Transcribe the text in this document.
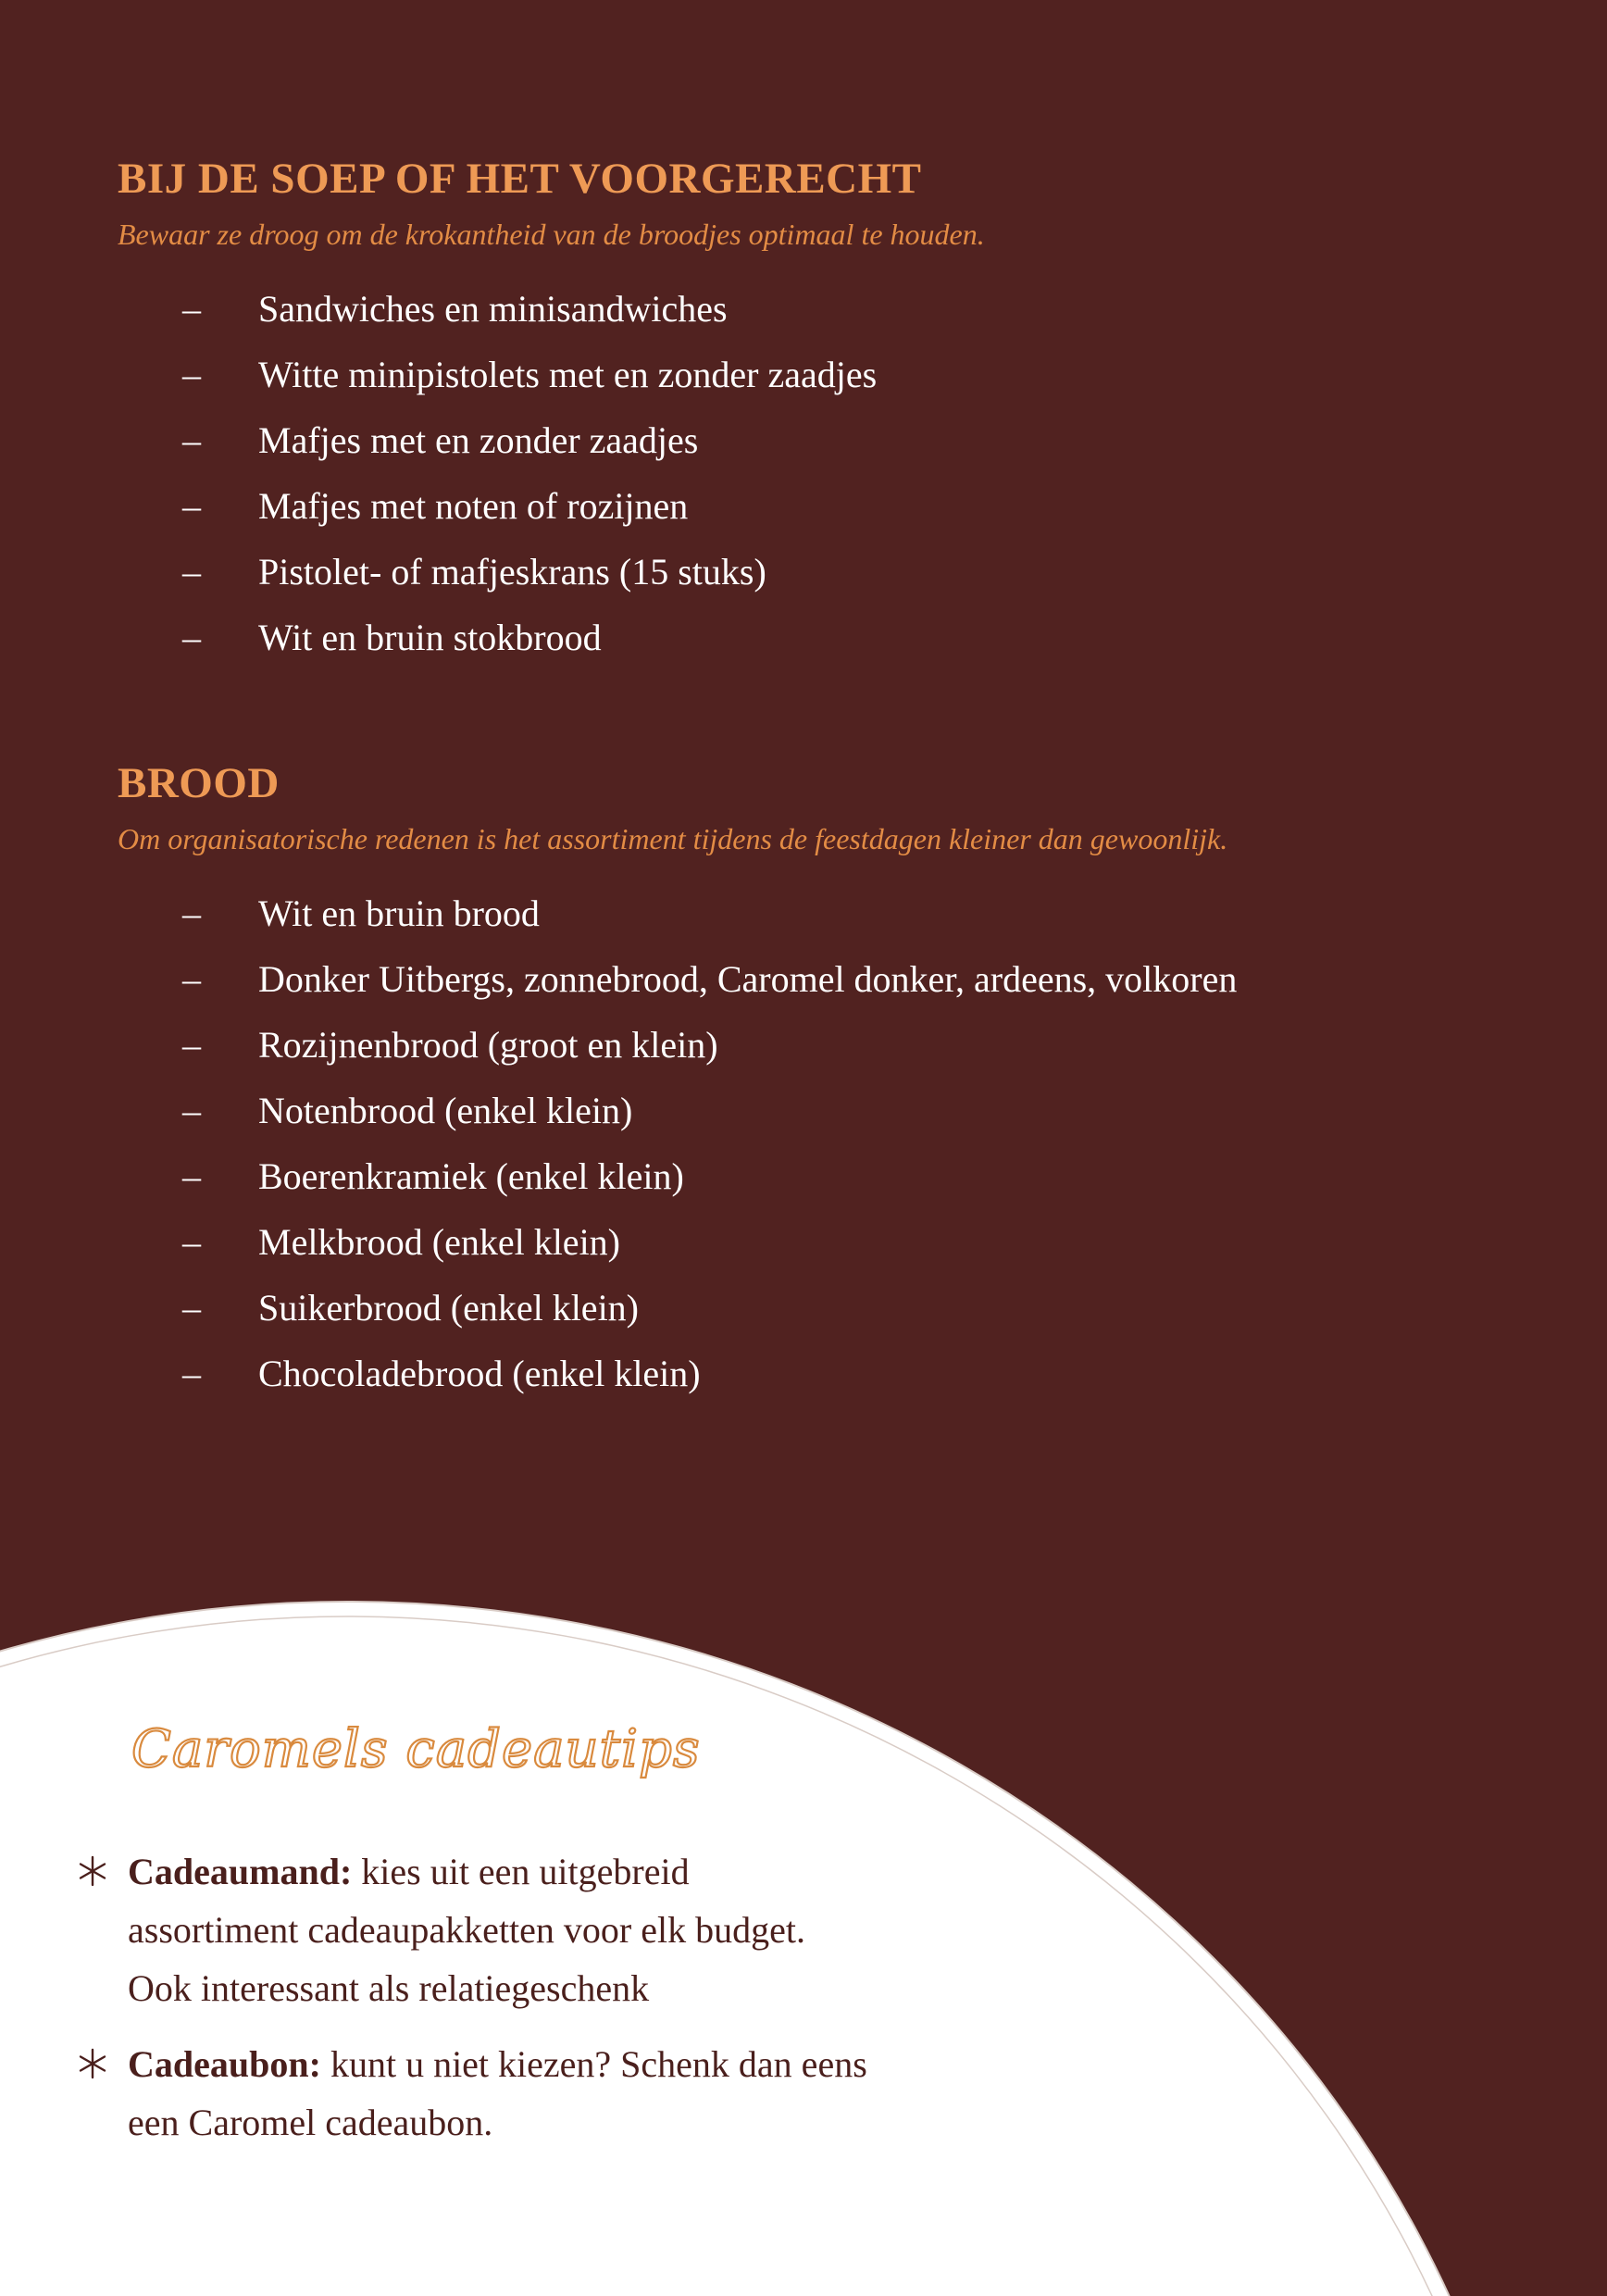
BIJ DE SOEP OF HET VOORGERECHT

Bewaar ze droog om de krokantheid van de broodjes optimaal te houden.

– Sandwiches en minisandwiches
– Witte minipistolets met en zonder zaadjes
– Mafjes met en zonder zaadjes
– Mafjes met noten of rozijnen
– Pistolet- of mafjeskrans (15 stuks)
– Wit en bruin stokbrood
BROOD

Om organisatorische redenen is het assortiment tijdens de feestdagen kleiner dan gewoonlijk.

– Wit en bruin brood
– Donker Uitbergs, zonnebrood, Caromel donker, ardeens, volkoren
– Rozijnenbrood (groot en klein)
– Notenbrood (enkel klein)
– Boerenkramiek (enkel klein)
– Melkbrood (enkel klein)
– Suikerbrood (enkel klein)
– Chocoladebrood (enkel klein)
Caromels cadeautips
Cadeaumand: kies uit een uitgebreid
assortiment cadeaupakketten voor elk budget.
Ook interessant als relatiegeschenk
Cadeaubon: kunt u niet kiezen? Schenk dan eens
een Caromel cadeaubon.
